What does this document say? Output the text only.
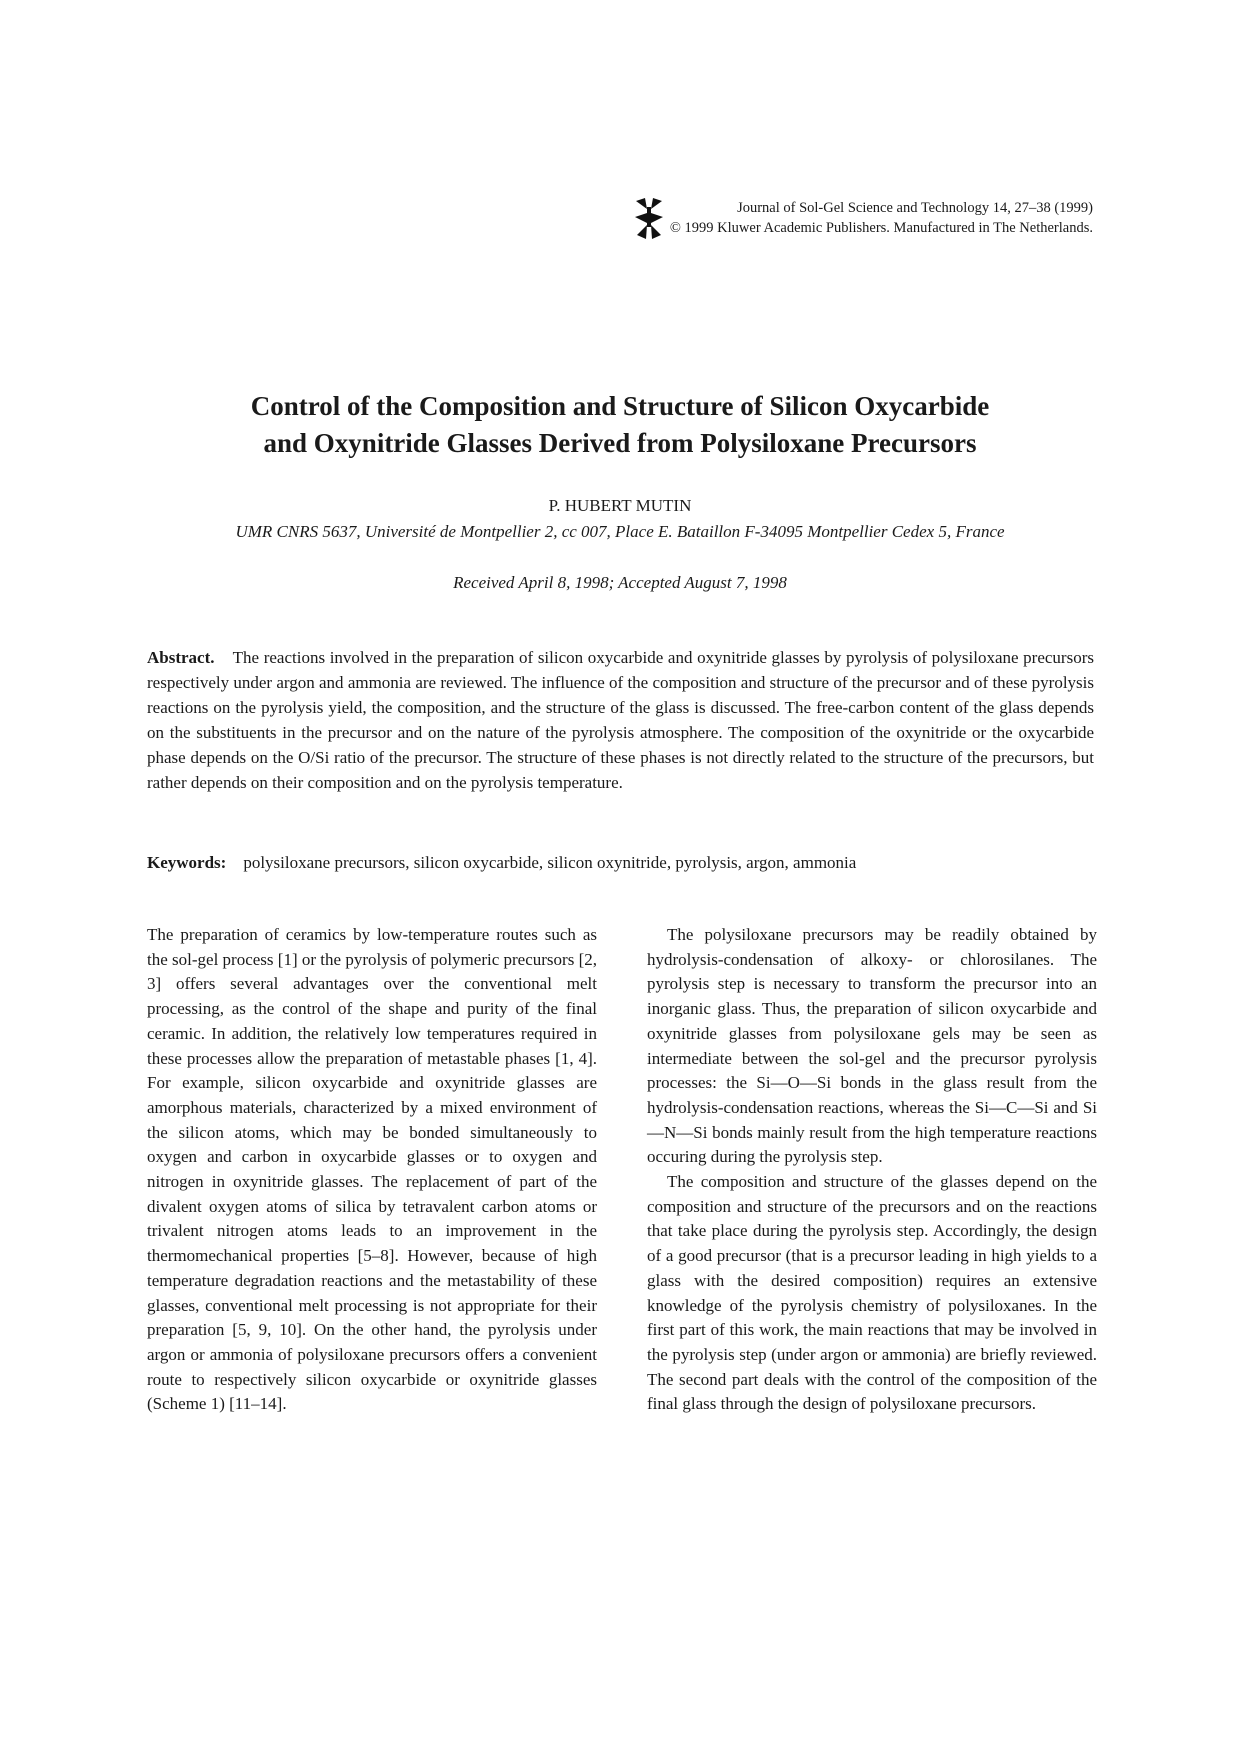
Journal of Sol-Gel Science and Technology 14, 27–38 (1999)
© 1999 Kluwer Academic Publishers. Manufactured in The Netherlands.
Control of the Composition and Structure of Silicon Oxycarbide
and Oxynitride Glasses Derived from Polysiloxane Precursors
P. HUBERT MUTIN
UMR CNRS 5637, Université de Montpellier 2, cc 007, Place E. Bataillon F-34095 Montpellier Cedex 5, France
Received April 8, 1998; Accepted August 7, 1998

Abstract. The reactions involved in the preparation of silicon oxycarbide and oxynitride glasses by pyrolysis of polysiloxane precursors respectively under argon and ammonia are reviewed. The influence of the composition and structure of the precursor and of these pyrolysis reactions on the pyrolysis yield, the composition, and the structure of the glass is discussed. The free-carbon content of the glass depends on the substituents in the precursor and on the nature of the pyrolysis atmosphere. The composition of the oxynitride or the oxycarbide phase depends on the O/Si ratio of the precursor. The structure of these phases is not directly related to the structure of the precursors, but rather depends on their composition and on the pyrolysis temperature.

Keywords: polysiloxane precursors, silicon oxycarbide, silicon oxynitride, pyrolysis, argon, ammonia

The preparation of ceramics by low-temperature routes such as the sol-gel process [1] or the pyrolysis of polymeric precursors [2, 3] offers several advantages over the conventional melt processing, as the control of the shape and purity of the final ceramic. In addition, the relatively low temperatures required in these processes allow the preparation of metastable phases [1, 4]. For example, silicon oxycarbide and oxynitride glasses are amorphous materials, characterized by a mixed environment of the silicon atoms, which may be bonded simultaneously to oxygen and carbon in oxycarbide glasses or to oxygen and nitrogen in oxynitride glasses. The replacement of part of the divalent oxygen atoms of silica by tetravalent carbon atoms or trivalent nitrogen atoms leads to an improvement in the thermomechanical properties [5–8]. However, because of high temperature degradation reactions and the metastability of these glasses, conventional melt processing is not appropriate for their preparation [5, 9, 10]. On the other hand, the pyrolysis under argon or ammonia of polysiloxane precursors offers a convenient route to respectively silicon oxycarbide or oxynitride glasses (Scheme 1) [11–14].

The polysiloxane precursors may be readily obtained by hydrolysis-condensation of alkoxy- or chlorosilanes. The pyrolysis step is necessary to transform the precursor into an inorganic glass. Thus, the preparation of silicon oxycarbide and oxynitride glasses from polysiloxane gels may be seen as intermediate between the sol-gel and the precursor pyrolysis processes: the Si—O—Si bonds in the glass result from the hydrolysis-condensation reactions, whereas the Si—C—Si and Si—N—Si bonds mainly result from the high temperature reactions occuring during the pyrolysis step.

The composition and structure of the glasses depend on the composition and structure of the precursors and on the reactions that take place during the pyrolysis step. Accordingly, the design of a good precursor (that is a precursor leading in high yields to a glass with the desired composition) requires an extensive knowledge of the pyrolysis chemistry of polysiloxanes. In the first part of this work, the main reactions that may be involved in the pyrolysis step (under argon or ammonia) are briefly reviewed. The second part deals with the control of the composition of the final glass through the design of polysiloxane precursors.
